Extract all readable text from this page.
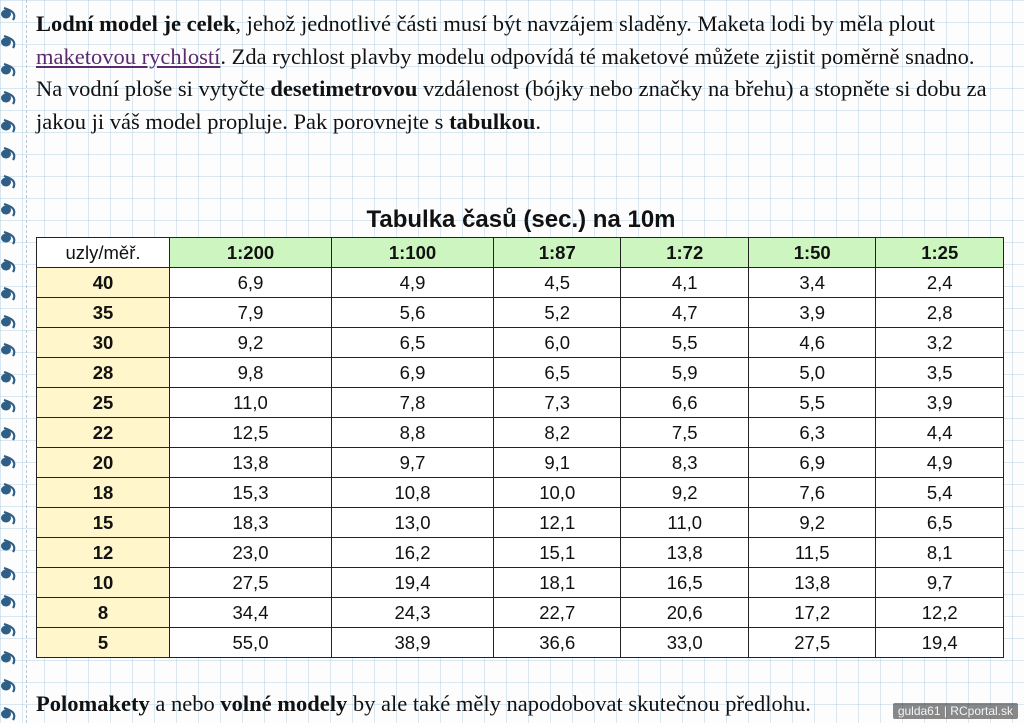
Lodní model je celek, jehož jednotlivé části musí být navzájem sladěny. Maketa lodi by měla plout maketovou rychlostí. Zda rychlost plavby modelu odpovídá té maketové můžete zjistit poměrně snadno. Na vodní ploše si vytyčte desetimetrovou vzdálenost (bójky nebo značky na břehu) a stopněte si dobu za jakou ji váš model propluje. Pak porovnejte s tabulkou.

Tabulka časů (sec.) na 10m
uzly/měř.	1:200	1:100	1:87	1:72	1:50	1:25
40	6,9	4,9	4,5	4,1	3,4	2,4
35	7,9	5,6	5,2	4,7	3,9	2,8
30	9,2	6,5	6,0	5,5	4,6	3,2
28	9,8	6,9	6,5	5,9	5,0	3,5
25	11,0	7,8	7,3	6,6	5,5	3,9
22	12,5	8,8	8,2	7,5	6,3	4,4
20	13,8	9,7	9,1	8,3	6,9	4,9
18	15,3	10,8	10,0	9,2	7,6	5,4
15	18,3	13,0	12,1	11,0	9,2	6,5
12	23,0	16,2	15,1	13,8	11,5	8,1
10	27,5	19,4	18,1	16,5	13,8	9,7
8	34,4	24,3	22,7	20,6	17,2	12,2
5	55,0	38,9	36,6	33,0	27,5	19,4

Polomakety a nebo volné modely by ale také měly napodobovat skutečnou předlohu.	gulda61 | RCportal.sk
